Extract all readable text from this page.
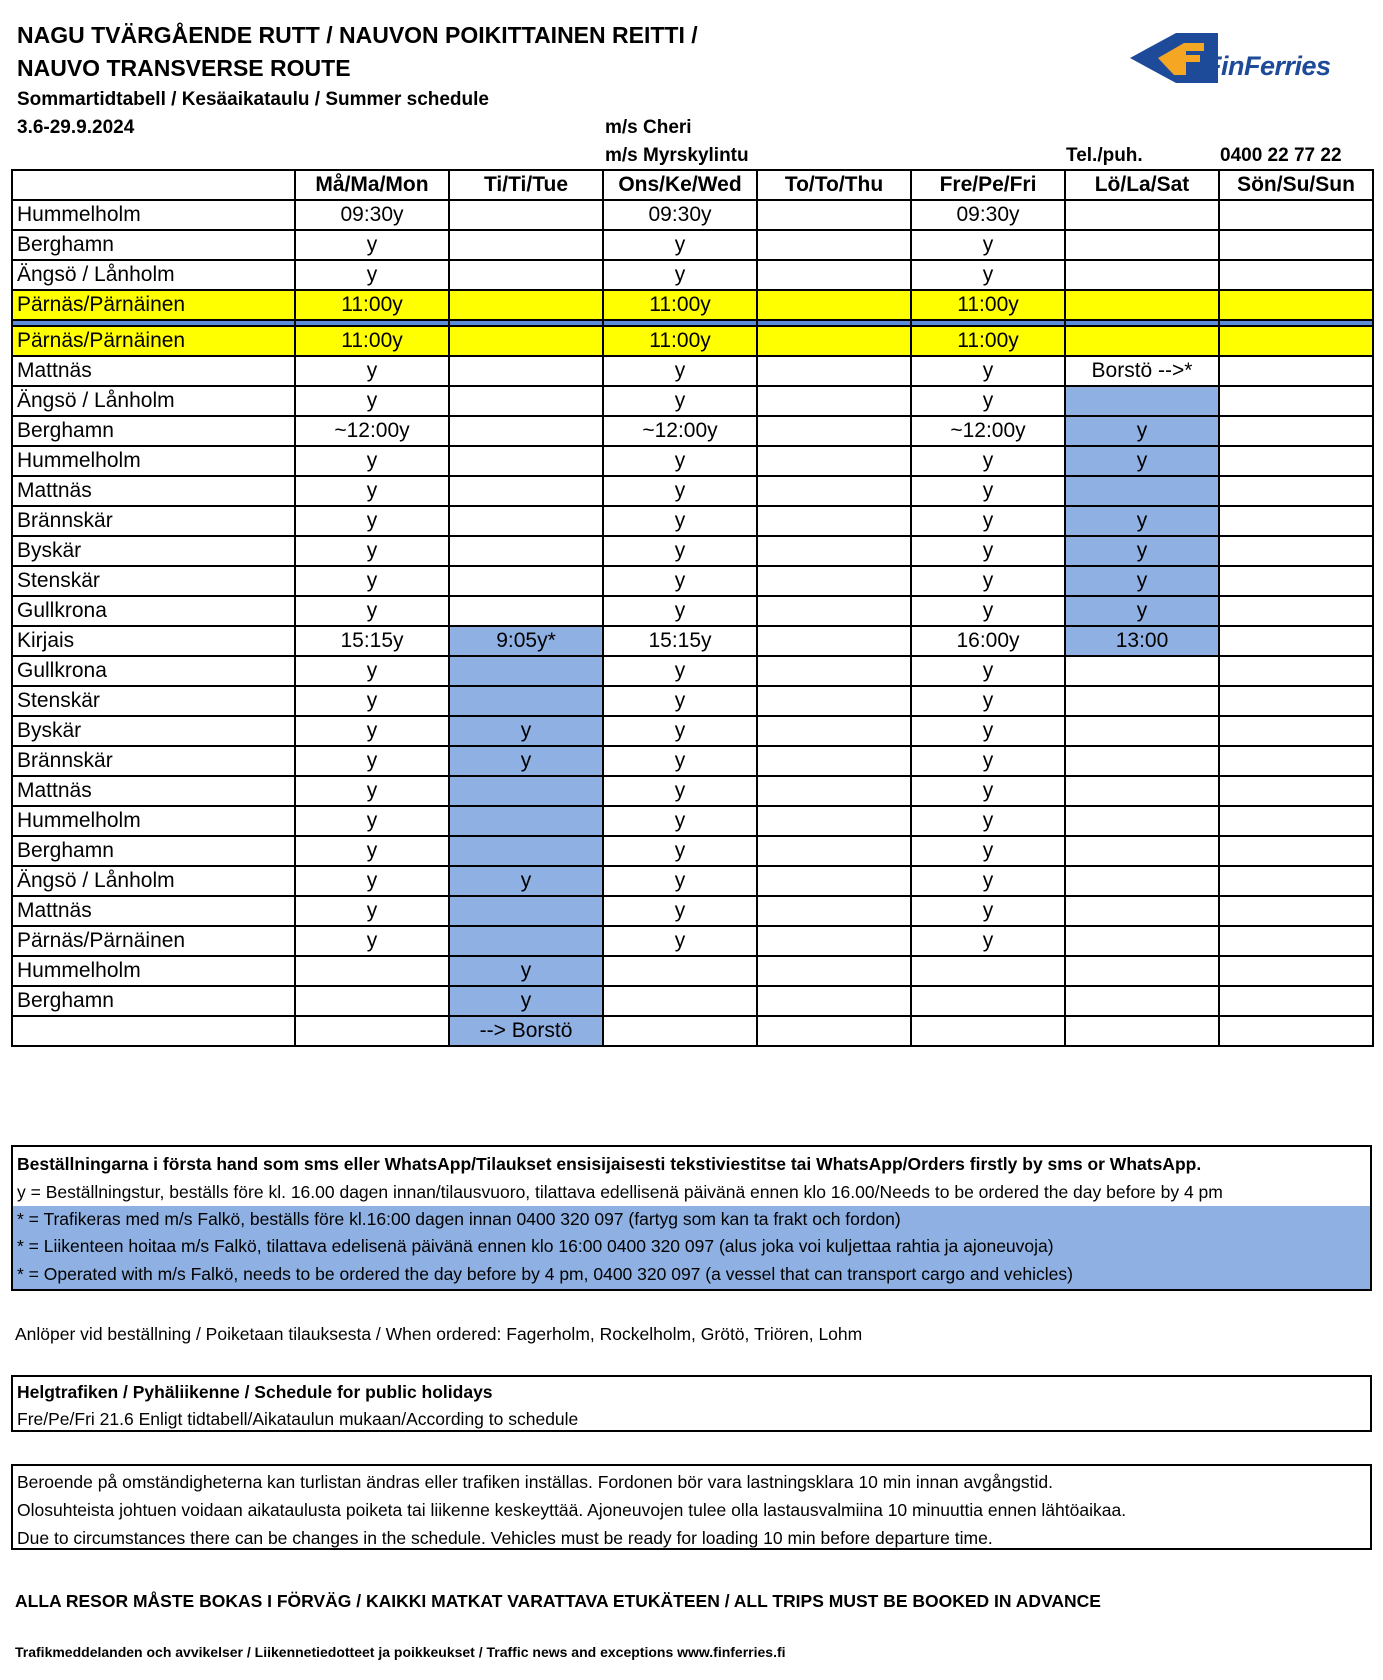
NAGU TVÄRGÅENDE RUTT / NAUVON POIKITTAINEN REITTI /
NAUVO TRANSVERSE ROUTE
Sommartidtabell / Kesäaikataulu / Summer schedule
3.6-29.9.2024	m/s Cheri
m/s Myrskylintu	Tel./puh.	0400 22 77 22
FinFerries
	Må/Ma/Mon	Ti/Ti/Tue	Ons/Ke/Wed	To/To/Thu	Fre/Pe/Fri	Lö/La/Sat	Sön/Su/Sun
Hummelholm	09:30y		09:30y		09:30y		
Berghamn	y		y		y		
Ängsö / Lånholm	y		y		y		
Pärnäs/Pärnäinen	11:00y		11:00y		11:00y		

Pärnäs/Pärnäinen	11:00y		11:00y		11:00y		
Mattnäs	y		y		y	Borstö -->*	
Ängsö / Lånholm	y		y		y		
Berghamn	~12:00y		~12:00y		~12:00y	y	
Hummelholm	y		y		y	y	
Mattnäs	y		y		y		
Brännskär	y		y		y	y	
Byskär	y		y		y	y	
Stenskär	y		y		y	y	
Gullkrona	y		y		y	y	
Kirjais	15:15y	9:05y*	15:15y		16:00y	13:00	
Gullkrona	y		y		y		
Stenskär	y		y		y		
Byskär	y	y	y		y		
Brännskär	y	y	y		y		
Mattnäs	y		y		y		
Hummelholm	y		y		y		
Berghamn	y		y		y		
Ängsö / Lånholm	y	y	y		y		
Mattnäs	y		y		y		
Pärnäs/Pärnäinen	y		y		y		
Hummelholm		y					
Berghamn		y					
		--> Borstö					
Beställningarna i första hand som sms eller WhatsApp/Tilaukset ensisijaisesti tekstiviestitse tai WhatsApp/Orders firstly by sms or WhatsApp.
y = Beställningstur, beställs före kl. 16.00 dagen innan/tilausvuoro, tilattava edellisenä päivänä ennen klo 16.00/Needs to be ordered the day before by 4 pm
* = Trafikeras med m/s Falkö, beställs före kl.16:00 dagen innan 0400 320 097 (fartyg som kan ta frakt och fordon)
* = Liikenteen hoitaa m/s Falkö, tilattava edelisenä päivänä ennen klo 16:00 0400 320 097 (alus joka voi kuljettaa rahtia ja ajoneuvoja)
* = Operated with m/s Falkö, needs to be ordered the day before by 4 pm, 0400 320 097 (a vessel that can transport cargo and vehicles)
Anlöper vid beställning / Poiketaan tilauksesta / When ordered: Fagerholm, Rockelholm, Grötö, Triören, Lohm
Helgtrafiken / Pyhäliikenne / Schedule for public holidays
Fre/Pe/Fri 21.6 Enligt tidtabell/Aikataulun mukaan/According to schedule
Beroende på omständigheterna kan turlistan ändras eller trafiken inställas. Fordonen bör vara lastningsklara 10 min innan avgångstid.
Olosuhteista johtuen voidaan aikataulusta poiketa tai liikenne keskeyttää. Ajoneuvojen tulee olla lastausvalmiina 10 minuuttia ennen lähtöaikaa.
Due to circumstances there can be changes in the schedule. Vehicles must be ready for loading 10 min before departure time.
ALLA RESOR MÅSTE BOKAS I FÖRVÄG / KAIKKI MATKAT VARATTAVA ETUKÄTEEN / ALL TRIPS MUST BE BOOKED IN ADVANCE
Trafikmeddelanden och avvikelser / Liikennetiedotteet ja poikkeukset / Traffic news and exceptions www.finferries.fi
